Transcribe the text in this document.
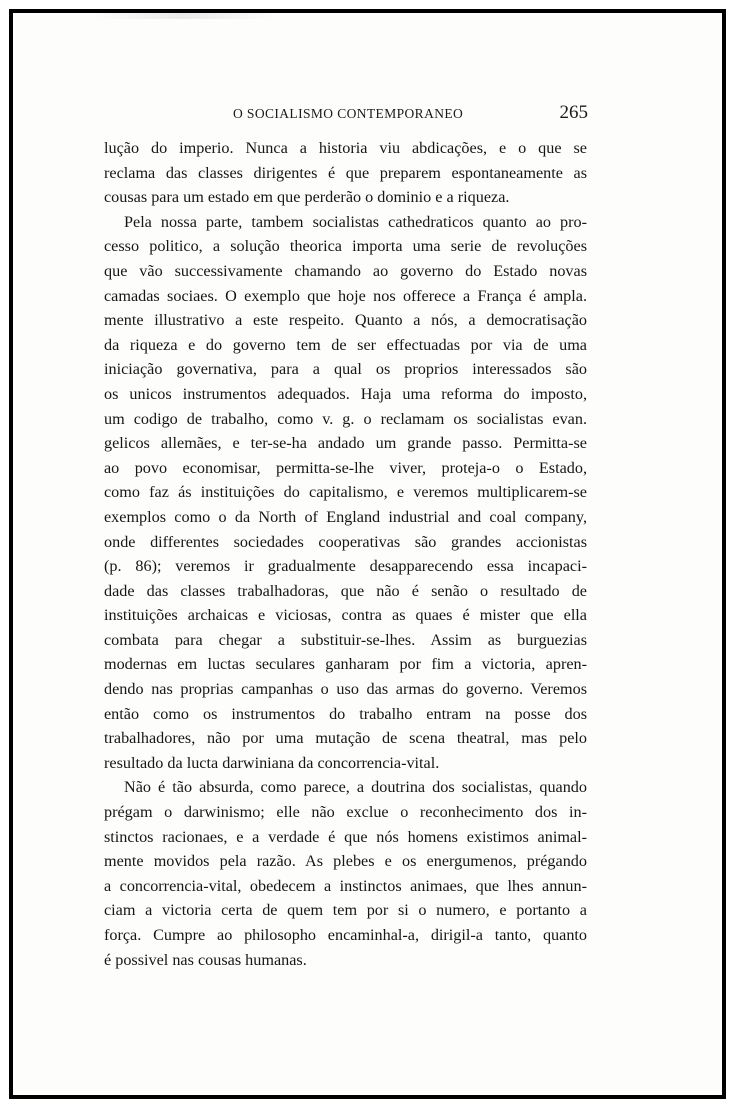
O SOCIALISMO CONTEMPORANEO	265
lução do imperio. Nunca a historia viu abdicações, e o que se
reclama das classes dirigentes é que preparem espontaneamente as
cousas para um estado em que perderão o dominio e a riqueza.
Pela nossa parte, tambem socialistas cathedraticos quanto ao pro-
cesso politico, a solução theorica importa uma serie de revoluções
que vão successivamente chamando ao governo do Estado novas
camadas sociaes. O exemplo que hoje nos offerece a França é ampla.
mente illustrativo a este respeito. Quanto a nós, a democratisação
da riqueza e do governo tem de ser effectuadas por via de uma
iniciação governativa, para a qual os proprios interessados são
os unicos instrumentos adequados. Haja uma reforma do imposto,
um codigo de trabalho, como v. g. o reclamam os socialistas evan.
gelicos allemães, e ter-se-ha andado um grande passo. Permitta-se
ao povo economisar, permitta-se-lhe viver, proteja-o o Estado,
como faz ás instituições do capitalismo, e veremos multiplicarem-se
exemplos como o da North of England industrial and coal company,
onde differentes sociedades cooperativas são grandes accionistas
(p. 86); veremos ir gradualmente desapparecendo essa incapaci-
dade das classes trabalhadoras, que não é senão o resultado de
instituições archaicas e viciosas, contra as quaes é mister que ella
combata para chegar a substituir-se-lhes. Assim as burguezias
modernas em luctas seculares ganharam por fim a victoria, apren-
dendo nas proprias campanhas o uso das armas do governo. Veremos
então como os instrumentos do trabalho entram na posse dos
trabalhadores, não por uma mutação de scena theatral, mas pelo
resultado da lucta darwiniana da concorrencia-vital.
Não é tão absurda, como parece, a doutrina dos socialistas, quando
prégam o darwinismo; elle não exclue o reconhecimento dos in-
stinctos racionaes, e a verdade é que nós homens existimos animal-
mente movidos pela razão. As plebes e os energumenos, prégando
a concorrencia-vital, obedecem a instinctos animaes, que lhes annun-
ciam a victoria certa de quem tem por si o numero, e portanto a
força. Cumpre ao philosopho encaminhal-a, dirigil-a tanto, quanto
é possivel nas cousas humanas.
